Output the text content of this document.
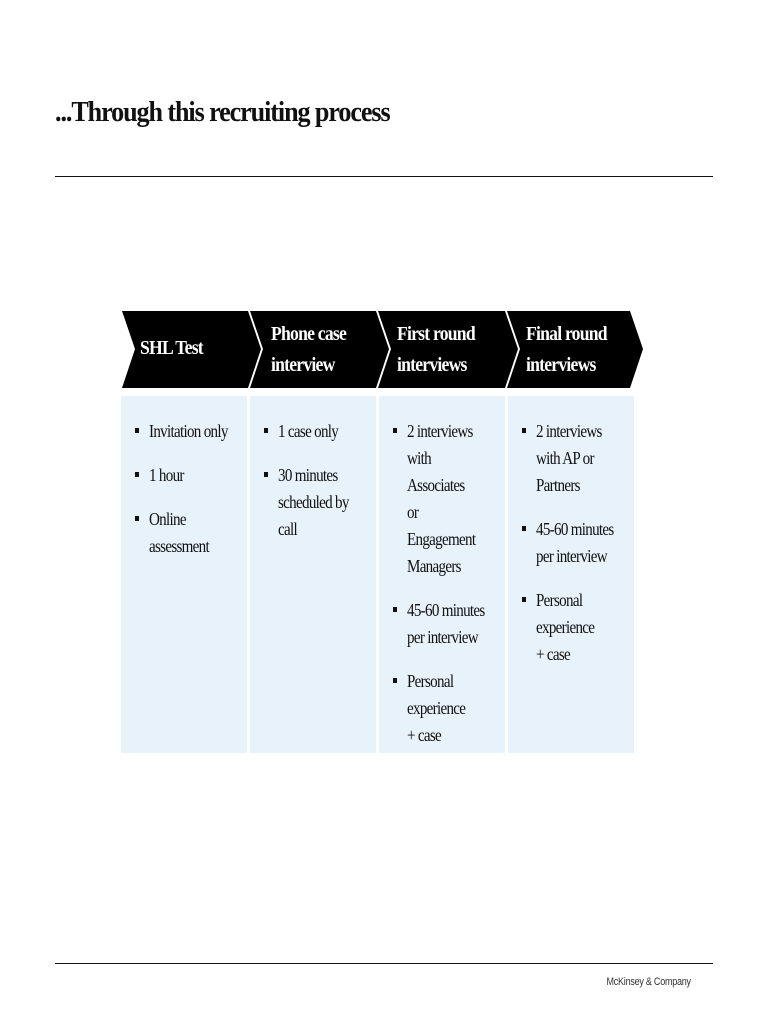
...Through this recruiting process
SHL Test
Phone case
interview
First round
interviews
Final round
interviews
Invitation only
1 hour
Online
assessment
1 case only
30 minutes
scheduled by
call
2 interviews
with Associates
or Engagement
Managers
45-60 minutes
per interview
Personal
experience
+ case
2 interviews
with AP or
Partners
45-60 minutes
per interview
Personal
experience
+ case
McKinsey & Company
